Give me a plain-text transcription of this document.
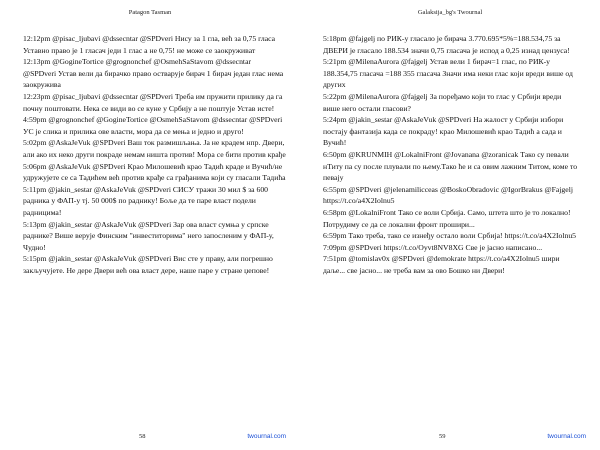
Patagon Tasman

12:12pm @pisac_ljubavi @dssecntar @SPDveri Нису за 1 гла, већ за 0,75 гласа Уставно право је 1 гласач једи 1 глас а не 0,75! не може се заокруживат

12:13pm @GogineTortice @grognonchef @OsmehSaStavom @dssecntar @SPDveri Устав вели да бирачко право остварује бирач 1 бирач један глас нема заокружива

12:23pm @pisac_ljubavi @dssecntar @SPDveri Треба им пружити прилику да га почну поштовати. Нека се види во се куне у Србију а не поштује Устав исте!

4:59pm @grognonchef @GogineTortice @OsmehSaStavom @dssecntar @SPDveri УС је слика и прилика ове власти, мора да се мења и једно и друго!

5:02pm @AskaJeVuk @SPDveri Ваш ток размишљања. Ја не крадем нпр. Двери, али ако их неко други покраде немам ништа против! Мора се бити против крађе

5:06pm @AskaJeVuk @SPDveri Крао Милошевић крао Тадић краде и Вучић/не удружујете се са Тадићем већ против крађе са грађанима који су гласали Тадића

5:11pm @jakin_sestar @AskaJeVuk @SPDveri СИСУ тражи 30 мил $ за 600 радника у ФАП-у тј. 50 000$ по раднику! Боље да те паре власт подели радницима!

5:13pm @jakin_sestar @AskaJeVuk @SPDveri Зар ова власт сумња у српске раднике? Више верује Финским "инвеститорима" него запосленим у ФАП-у, Чудно!

5:15pm @jakin_sestar @AskaJeVuk @SPDveri Вис сте у праву, али погрешно закључујете. Не дере Двери већ ова власт дере, наше паре у стране џепове!

58	twournal.com
Galaksija_bg's Twournal

5:18pm @fajgelj по РИК-у гласало је бирача 3.770.695*5%=188.534,75 за ДВЕРИ је гласало 188.534 значи 0,75 гласача је испод а 0,25 изнад цензуса!

5:21pm @MilenaAurora @fajgelj Устав вели 1 бирач=1 глас, по РИК-у 188.354,75 гласача =188 355 гласача Значи има неки глас који вреди више од других

5:22pm @MilenaAurora @fajgelj За поређамо који то глас у Србији вреди више него остали гласови?

5:24pm @jakin_sestar @AskaJeVuk @SPDveri На жалост у Србији избори постају фантазија када се покраду! крао Милошевић крао Тадић а сада и Вучић!

6:50pm @KRUNMIH @LokalniFront @Jovanana @zoranicak Тако су певали нТиту па су после плували по њему.Тако ће и са овим лажним Титом, коме то певају

6:55pm @SPDveri @jelenamilicceas @BoskoObradovic @IgorBrakus @Fajgelj https://t.co/a4X2Iolnu5

6:58pm @LokalniFront Тако се воли Србија. Само, штета што је то локално! Потрудиму се да се локални фронт прошири...

6:59pm Тако треба, тако се изнеђу остало воли Србија! https://t.co/a4X2Iolnu5

7:09pm @SPDveri https://t.co/Oyvt8NV8XG Све је јасно написано...

7:51pm @tomislav0x @SPDveri @demokrate https://t.co/a4X2Iolnu5 шири даље... све јасно... не треба вам за ово Бошко ни Двери!

59	twournal.com
